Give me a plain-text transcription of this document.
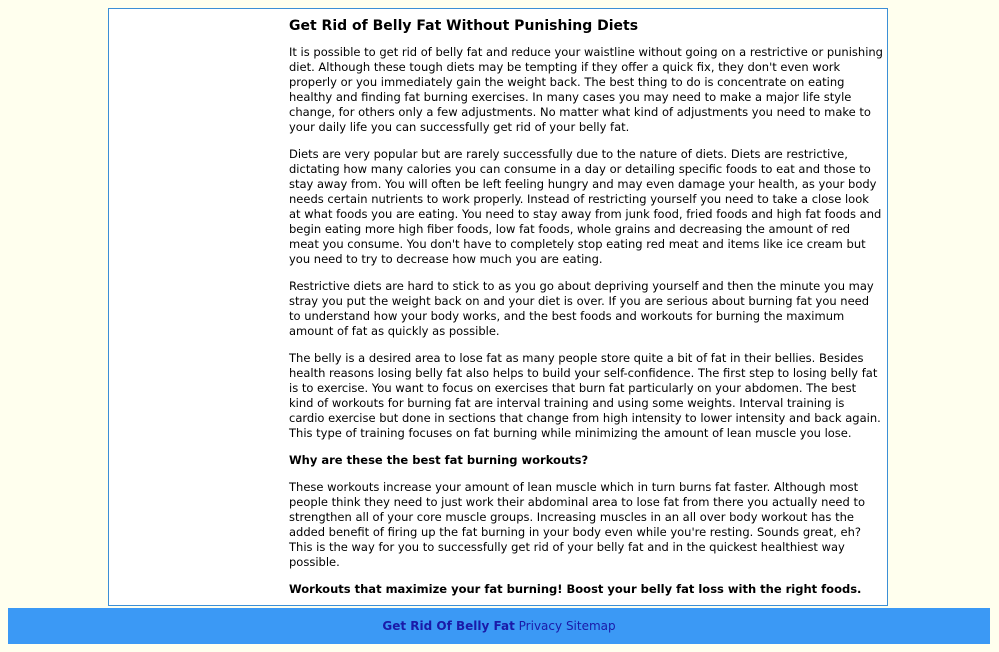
Get Rid of Belly Fat Without Punishing Diets

It is possible to get rid of belly fat and reduce your waistline without going on a restrictive or punishing diet. Although these tough diets may be tempting if they offer a quick fix, they don't even work properly or you immediately gain the weight back. The best thing to do is concentrate on eating healthy and finding fat burning exercises. In many cases you may need to make a major life style change, for others only a few adjustments. No matter what kind of adjustments you need to make to your daily life you can successfully get rid of your belly fat.

Diets are very popular but are rarely successfully due to the nature of diets. Diets are restrictive, dictating how many calories you can consume in a day or detailing specific foods to eat and those to stay away from. You will often be left feeling hungry and may even damage your health, as your body needs certain nutrients to work properly. Instead of restricting yourself you need to take a close look at what foods you are eating. You need to stay away from junk food, fried foods and high fat foods and begin eating more high fiber foods, low fat foods, whole grains and decreasing the amount of red meat you consume. You don't have to completely stop eating red meat and items like ice cream but you need to try to decrease how much you are eating.

Restrictive diets are hard to stick to as you go about depriving yourself and then the minute you may stray you put the weight back on and your diet is over. If you are serious about burning fat you need to understand how your body works, and the best foods and workouts for burning the maximum amount of fat as quickly as possible.

The belly is a desired area to lose fat as many people store quite a bit of fat in their bellies. Besides health reasons losing belly fat also helps to build your self-confidence. The first step to losing belly fat is to exercise. You want to focus on exercises that burn fat particularly on your abdomen. The best kind of workouts for burning fat are interval training and using some weights. Interval training is cardio exercise but done in sections that change from high intensity to lower intensity and back again. This type of training focuses on fat burning while minimizing the amount of lean muscle you lose.

Why are these the best fat burning workouts?

These workouts increase your amount of lean muscle which in turn burns fat faster. Although most people think they need to just work their abdominal area to lose fat from there you actually need to strengthen all of your core muscle groups. Increasing muscles in an all over body workout has the added benefit of firing up the fat burning in your body even while you're resting. Sounds great, eh? This is the way for you to successfully get rid of your belly fat and in the quickest healthiest way possible.

Workouts that maximize your fat burning! Boost your belly fat loss with the right foods.

Get Rid Of Belly Fat Privacy Sitemap
